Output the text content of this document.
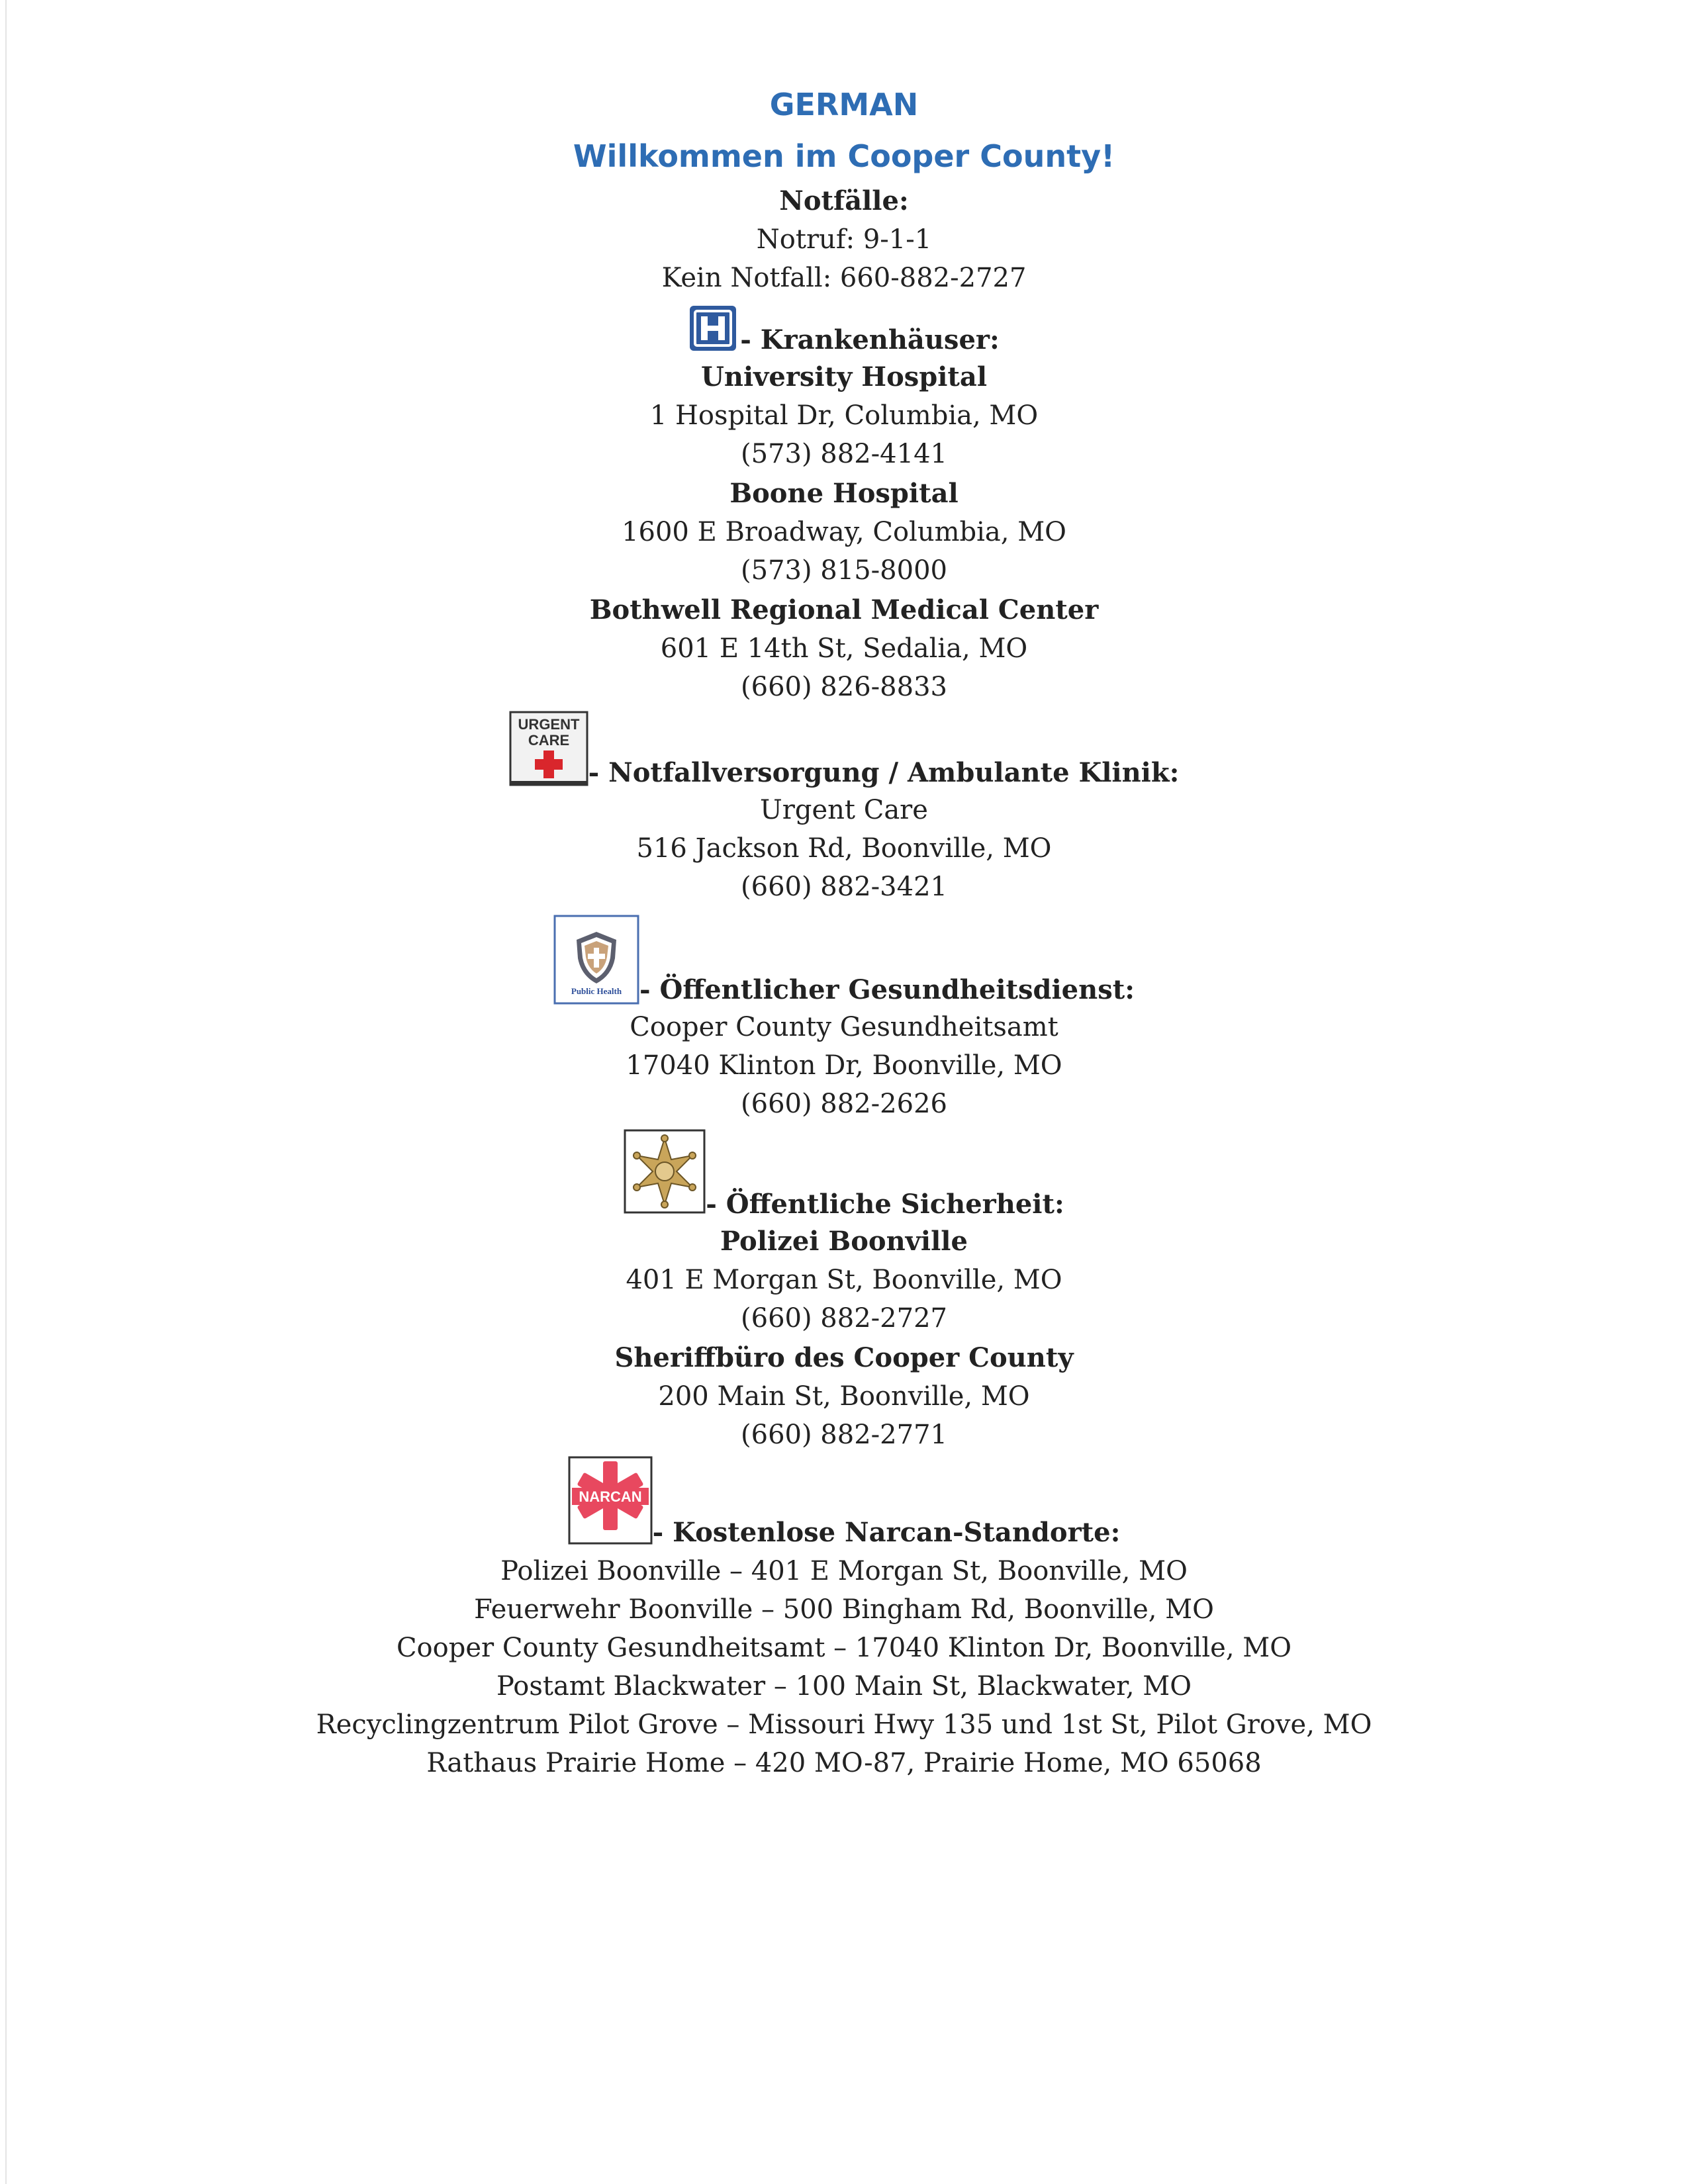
GERMAN
Willkommen im Cooper County!
Notfälle:
Notruf: 9-1-1
Kein Notfall: 660-882-2727
- Krankenhäuser:
University Hospital
1 Hospital Dr, Columbia, MO
(573) 882-4141
Boone Hospital
1600 E Broadway, Columbia, MO
(573) 815-8000
Bothwell Regional Medical Center
601 E 14th St, Sedalia, MO
(660) 826-8833
URGENT
CARE
- Notfallversorgung / Ambulante Klinik:
Urgent Care
516 Jackson Rd, Boonville, MO
(660) 882-3421
Public Health - Öffentlicher Gesundheitsdienst:
Cooper County Gesundheitsamt
17040 Klinton Dr, Boonville, MO
(660) 882-2626
- Öffentliche Sicherheit:
Polizei Boonville
401 E Morgan St, Boonville, MO
(660) 882-2727
Sheriffbüro des Cooper County
200 Main St, Boonville, MO
(660) 882-2771
NARCAN
- Kostenlose Narcan-Standorte:
Polizei Boonville – 401 E Morgan St, Boonville, MO
Feuerwehr Boonville – 500 Bingham Rd, Boonville, MO
Cooper County Gesundheitsamt – 17040 Klinton Dr, Boonville, MO
Postamt Blackwater – 100 Main St, Blackwater, MO
Recyclingzentrum Pilot Grove – Missouri Hwy 135 und 1st St, Pilot Grove, MO
Rathaus Prairie Home – 420 MO-87, Prairie Home, MO 65068
